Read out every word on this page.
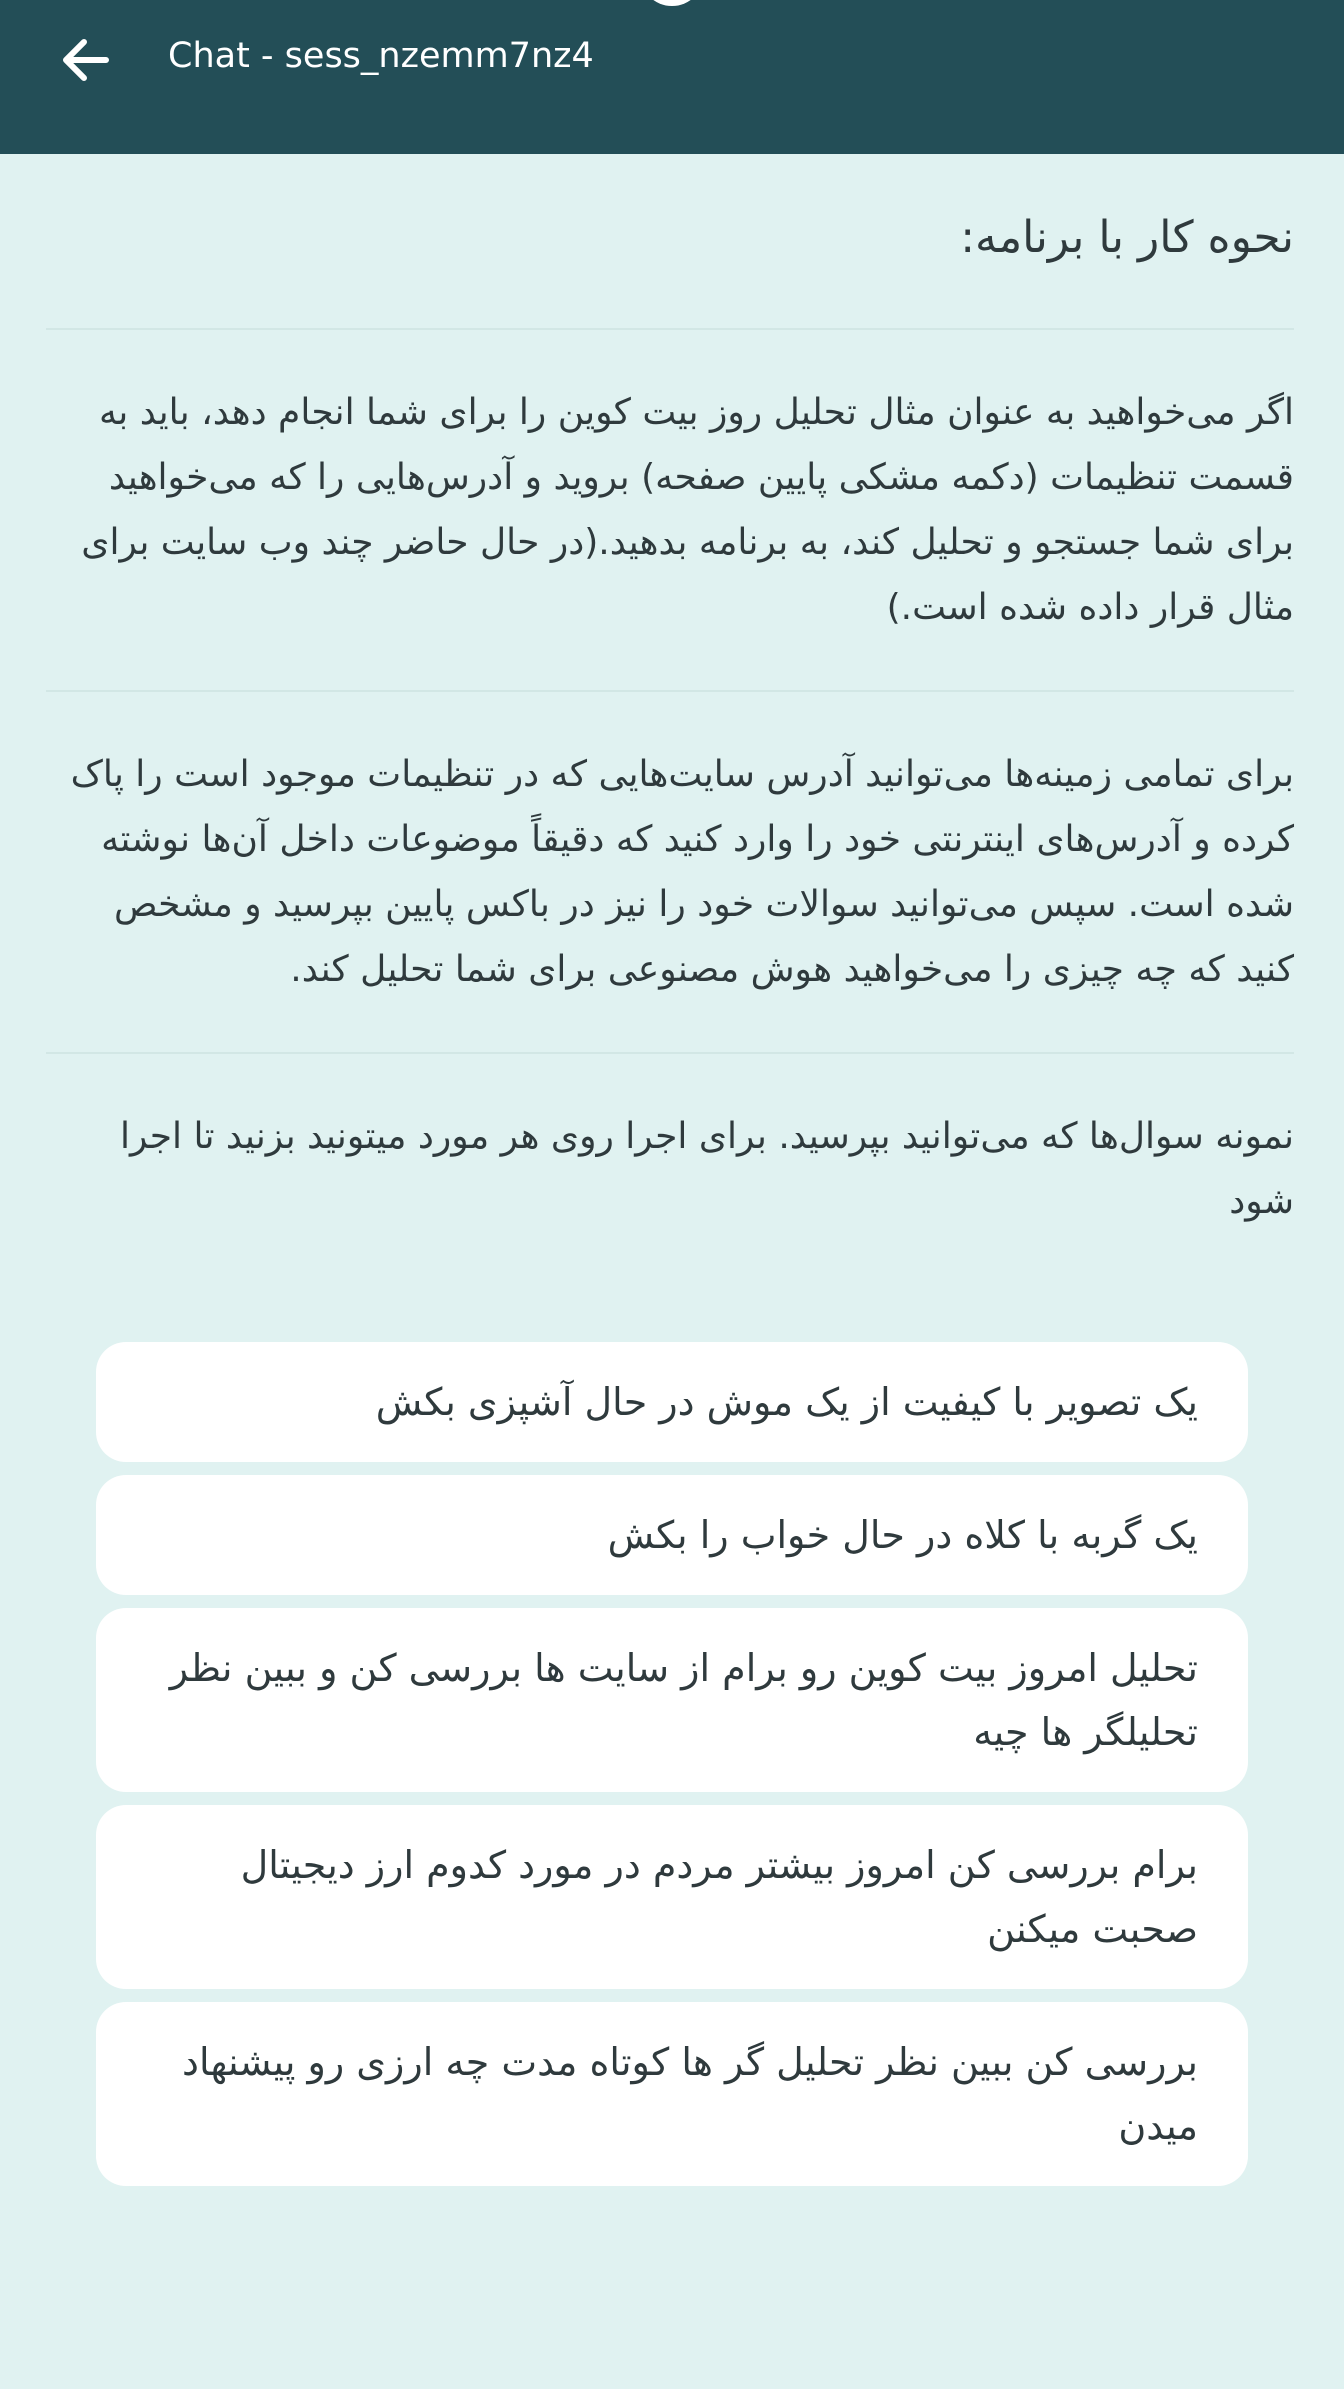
Chat - sess_nzemm7nz4
نحوه کار با برنامه:
اگر می‌خواهید به عنوان مثال تحلیل روز بیت کوین را برای شما انجام دهد، باید به قسمت تنظیمات (دکمه مشکی پایین صفحه) بروید و آدرس‌هایی را که می‌خواهید برای شما جستجو و تحلیل کند، به برنامه بدهید.(در حال حاضر چند وب سایت برای مثال قرار داده شده است.)
برای تمامی زمینه‌ها می‌توانید آدرس سایت‌هایی که در تنظیمات موجود است را پاک کرده و آدرس‌های اینترنتی خود را وارد کنید که دقیقاً موضوعات داخل آن‌ها نوشته شده است. سپس می‌توانید سوالات خود را نیز در باکس پایین بپرسید و مشخص کنید که چه چیزی را می‌خواهید هوش مصنوعی برای شما تحلیل کند.
نمونه سوال‌ها که می‌توانید بپرسید. برای اجرا روی هر مورد میتونید بزنید تا اجرا شود
یک تصویر با کیفیت از یک موش در حال آشپزی بکش
یک گربه با کلاه در حال خواب را بکش
تحلیل امروز بیت کوین رو برام از سایت ها بررسی کن و ببین نظر تحلیلگر ها چیه
برام بررسی کن امروز بیشتر مردم در مورد کدوم ارز دیجیتال صحبت میکنن
بررسی کن ببین نظر تحلیل گر ها کوتاه مدت چه ارزی رو پیشنهاد میدن
